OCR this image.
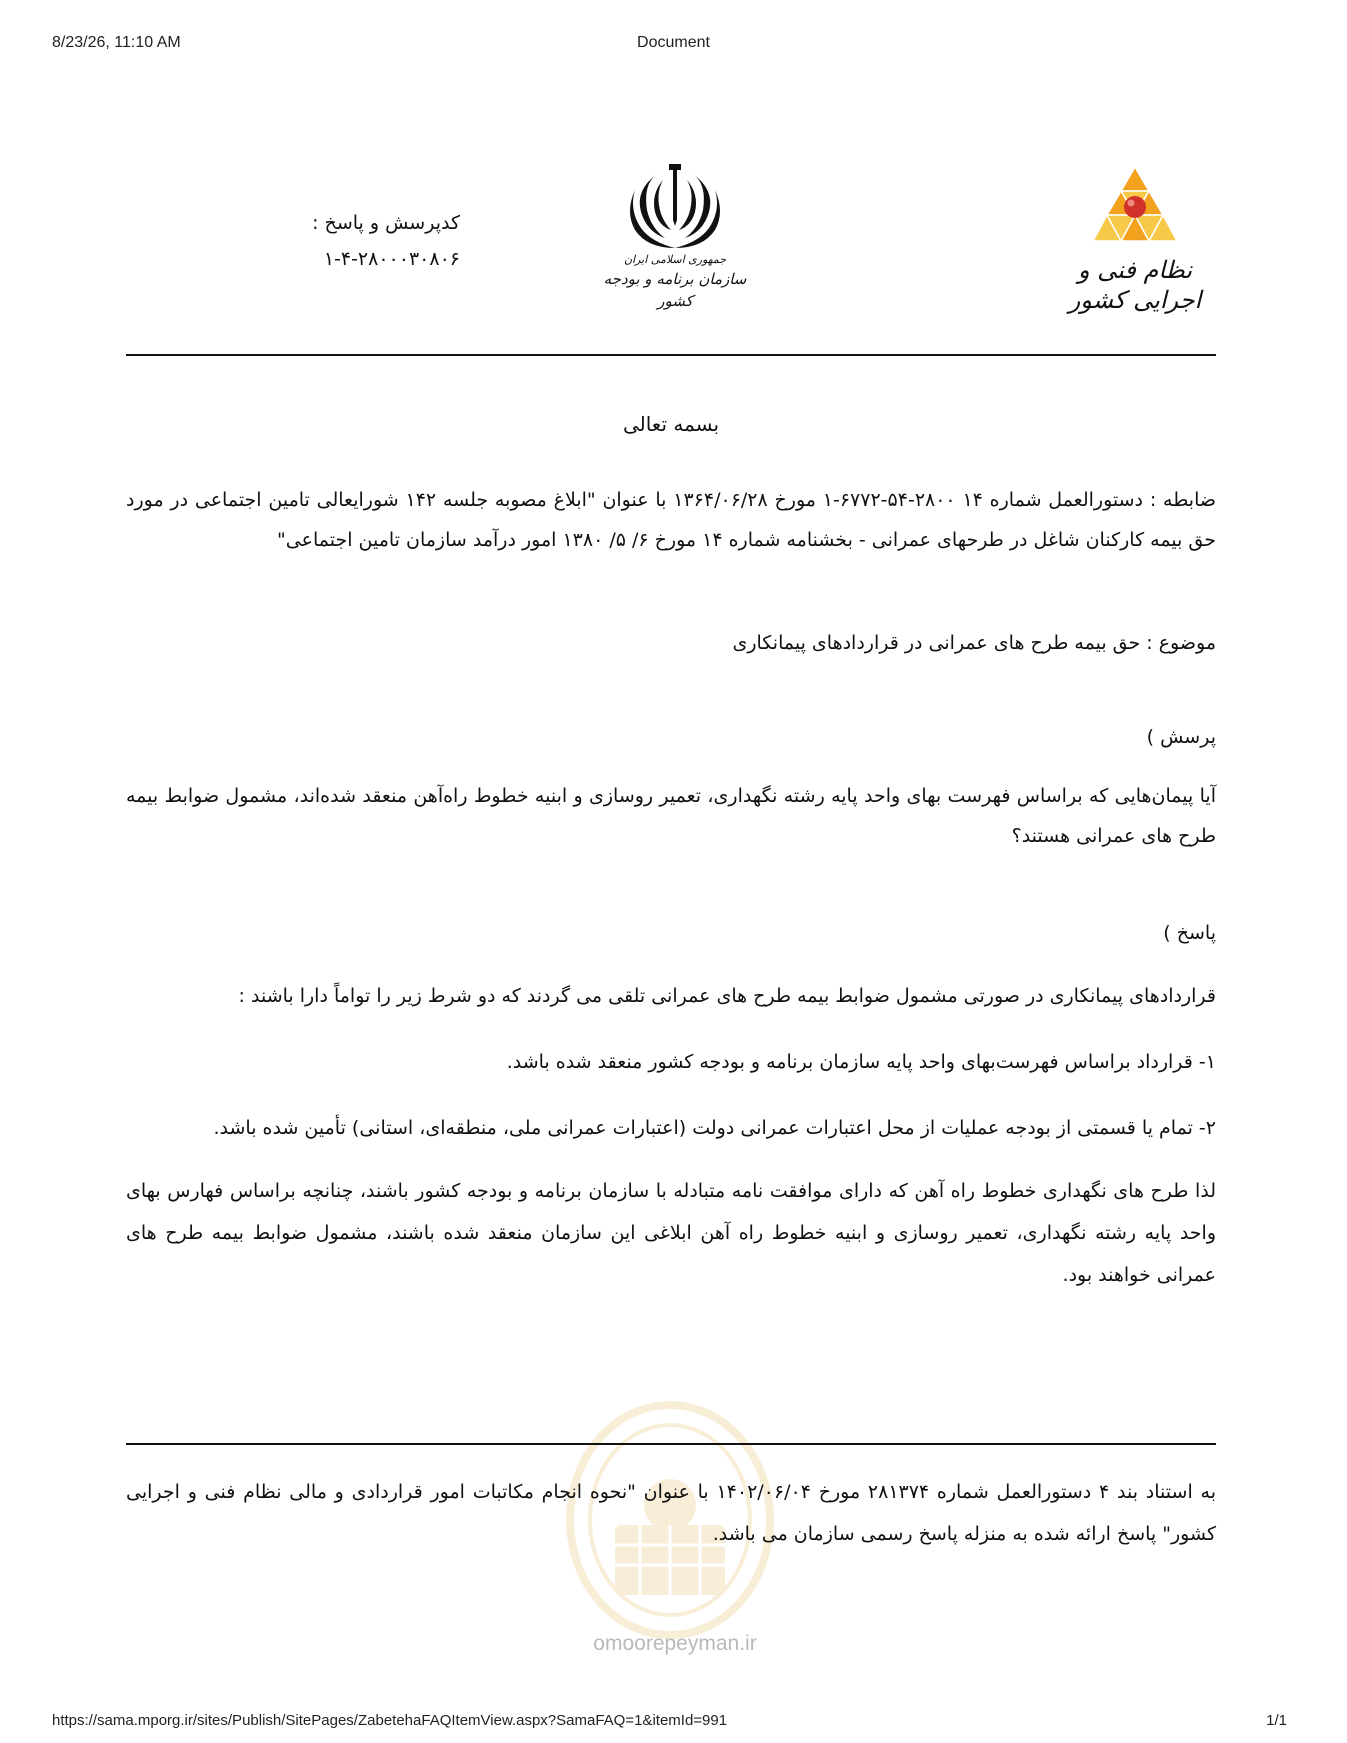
8/23/26, 11:10 AM	Document
کدپرسش و پاسخ :
۱-۴-۲۸۰۰۰۳۰۸۰۶	جمهوری اسلامی ایران
سازمان برنامه و بودجه کشور
نظام فنی و اجرایی کشور
بسمه تعالی

ضابطه : دستورالعمل شماره ۱۴ ۲۸۰۰-۵۴-۶۷۷۲-۱ مورخ ۱۳۶۴/۰۶/۲۸ با عنوان "ابلاغ مصوبه جلسه ۱۴۲ شورایعالی تامین اجتماعی در مورد حق بیمه کارکنان شاغل در طرحهای عمرانی - بخشنامه شماره ۱۴ مورخ ۶/ ۵/ ۱۳۸۰ امور درآمد سازمان تامین اجتماعی"

موضوع : حق بیمه طرح های عمرانی در قراردادهای پیمانکاری

پرسش )

آیا پیمان‌هایی که براساس فهرست بهای واحد پایه رشته نگهداری، تعمیر روسازی و ابنیه خطوط راه‌آهن منعقد شده‌اند، مشمول ضوابط بیمه طرح های عمرانی هستند؟

پاسخ )

قراردادهای پیمانکاری در صورتی مشمول ضوابط بیمه طرح های عمرانی تلقی می گردند که دو شرط زیر را تواماً دارا باشند :

۱- قرارداد براساس فهرست‌بهای واحد پایه سازمان برنامه و بودجه کشور منعقد شده باشد.

۲- تمام یا قسمتی از بودجه عملیات از محل اعتبارات عمرانی دولت (اعتبارات عمرانی ملی، منطقه‌ای، استانی) تأمین شده باشد.

لذا طرح های نگهداری خطوط راه آهن که دارای موافقت نامه متبادله با سازمان برنامه و بودجه کشور باشند، چنانچه براساس فهارس بهای واحد پایه رشته نگهداری، تعمیر روسازی و ابنیه خطوط راه آهن ابلاغی این سازمان منعقد شده باشند، مشمول ضوابط بیمه طرح های عمرانی خواهند بود.

به استناد بند ۴ دستورالعمل شماره ۲۸۱۳۷۴ مورخ ۱۴۰۲/۰۶/۰۴ با عنوان "نحوه انجام مکاتبات امور قراردادی و مالی نظام فنی و اجرایی کشور" پاسخ ارائه شده به منزله پاسخ رسمی سازمان می باشد.

omoorepeyman.ir
https://sama.mporg.ir/sites/Publish/SitePages/ZabetehaFAQItemView.aspx?SamaFAQ=1&itemId=991	1/1
